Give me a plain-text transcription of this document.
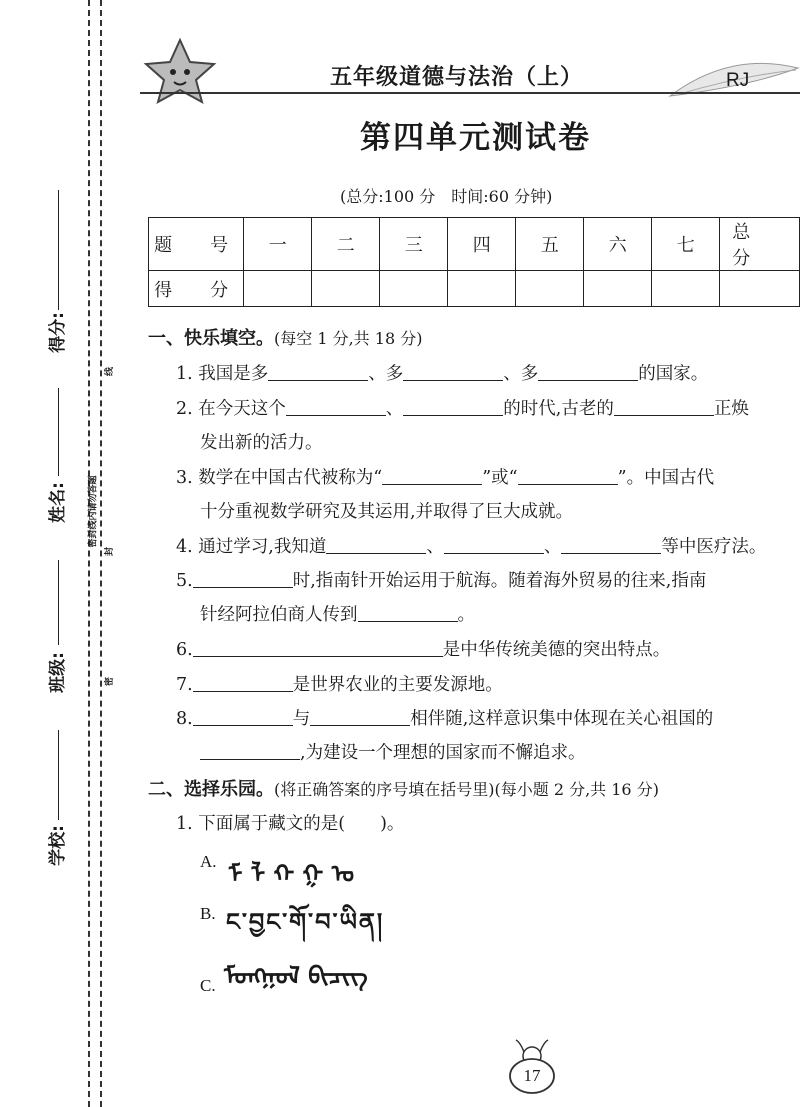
得分:
姓名:
班级:
学校:
密封线内请勿答题
线
封
密
五年级道德与法治（上）	RJ
第四单元测试卷
(总分:100 分　时间:60 分钟)
题　号	一	二	三	四	五	六	七	总　分
得　分								
一、快乐填空。(每空 1 分,共 18 分)
1. 我国是多	、多	、多	的国家。
2. 在今天这个	、	的时代,古老的	正焕
发出新的活力。
3. 数学在中国古代被称为“	”或“	”。中国古代
十分重视数学研究及其运用,并取得了巨大成就。
4. 通过学习,我知道	、	、	等中医疗法。
5.	时,指南针开始运用于航海。随着海外贸易的往来,指南
针经阿拉伯商人传到	。
6.	是中华传统美德的突出特点。
7.	是世界农业的主要发源地。
8.	与	相伴随,这样意识集中体现在关心祖国的
,为建设一个理想的国家而不懈追求。
二、选择乐园。(将正确答案的序号填在括号里)(每小题 2 分,共 16 分)
1. 下面属于藏文的是(　　)。
A. ᠮ ᠯ ᠬ ᠭ ᠤ
B. ང་བྱང་གོ་བ་ཡིན།
C. ᠮᠣᠩᠭᠣᠯ ᠪᠢᠴᠢᠭ
17
